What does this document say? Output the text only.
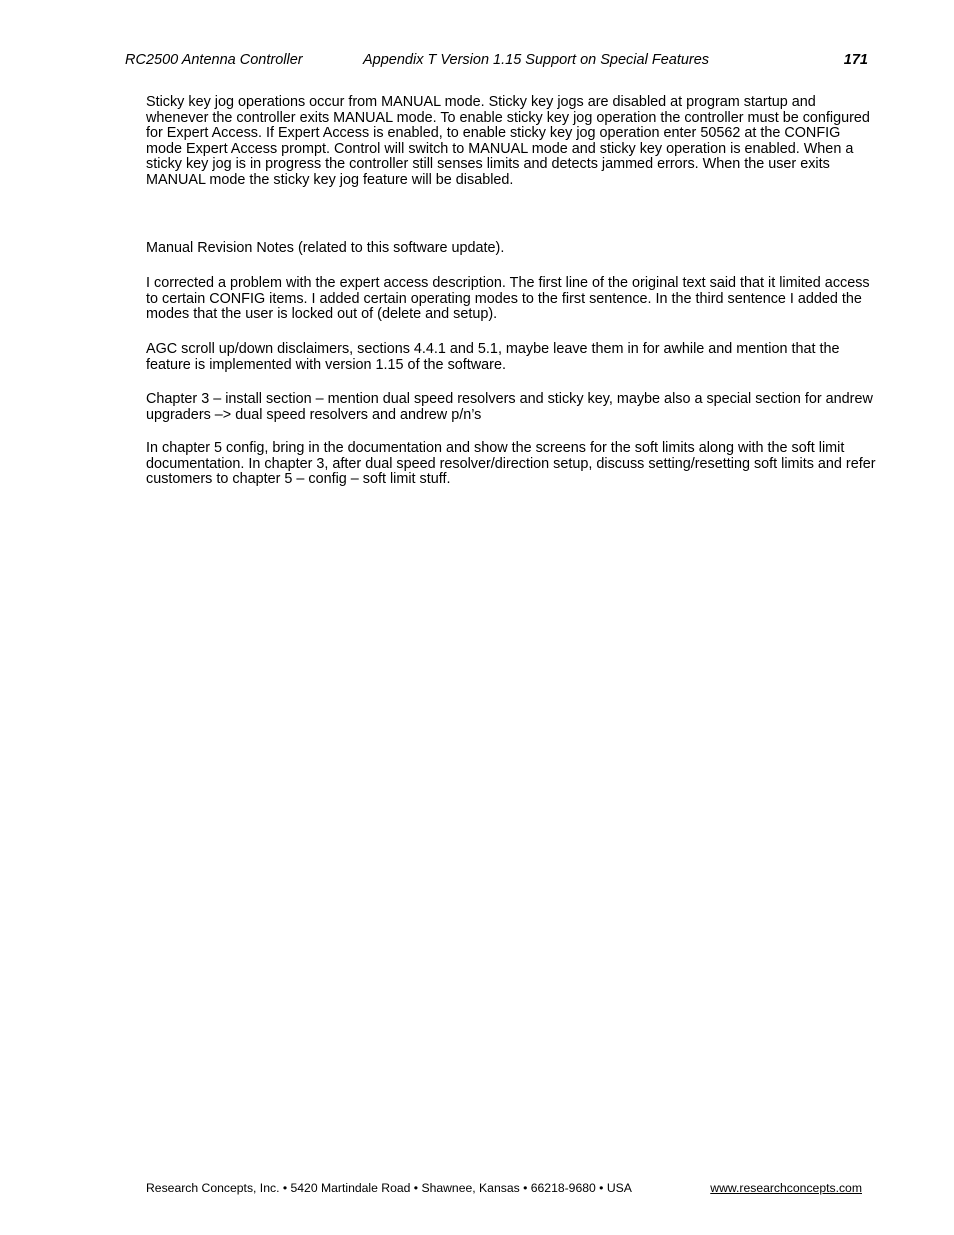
RC2500 Antenna Controller	Appendix T Version 1.15 Support on Special Features	171

Sticky key jog operations occur from MANUAL mode. Sticky key jogs are disabled at program startup and whenever the controller exits MANUAL mode. To enable sticky key jog operation the controller must be configured for Expert Access. If Expert Access is enabled, to enable sticky key jog operation enter 50562 at the CONFIG mode Expert Access prompt. Control will switch to MANUAL mode and sticky key operation is enabled. When a sticky key jog is in progress the controller still senses limits and detects jammed errors. When the user exits MANUAL mode the sticky key jog feature will be disabled.

Manual Revision Notes (related to this software update).

I corrected a problem with the expert access description. The first line of the original text said that it limited access to certain CONFIG items. I added certain operating modes to the first sentence. In the third sentence I added the modes that the user is locked out of (delete and setup).

AGC scroll up/down disclaimers, sections 4.4.1 and 5.1, maybe leave them in for awhile and mention that the feature is implemented with version 1.15 of the software.

Chapter 3 – install section – mention dual speed resolvers and sticky key, maybe also a special section for andrew upgraders –> dual speed resolvers and andrew p/n’s

In chapter 5 config, bring in the documentation and show the screens for the soft limits along with the soft limit documentation. In chapter 3, after dual speed resolver/direction setup, discuss setting/resetting soft limits and refer customers to chapter 5 – config – soft limit stuff.

Research Concepts, Inc. • 5420 Martindale Road • Shawnee, Kansas • 66218-9680 • USA	www.researchconcepts.com
